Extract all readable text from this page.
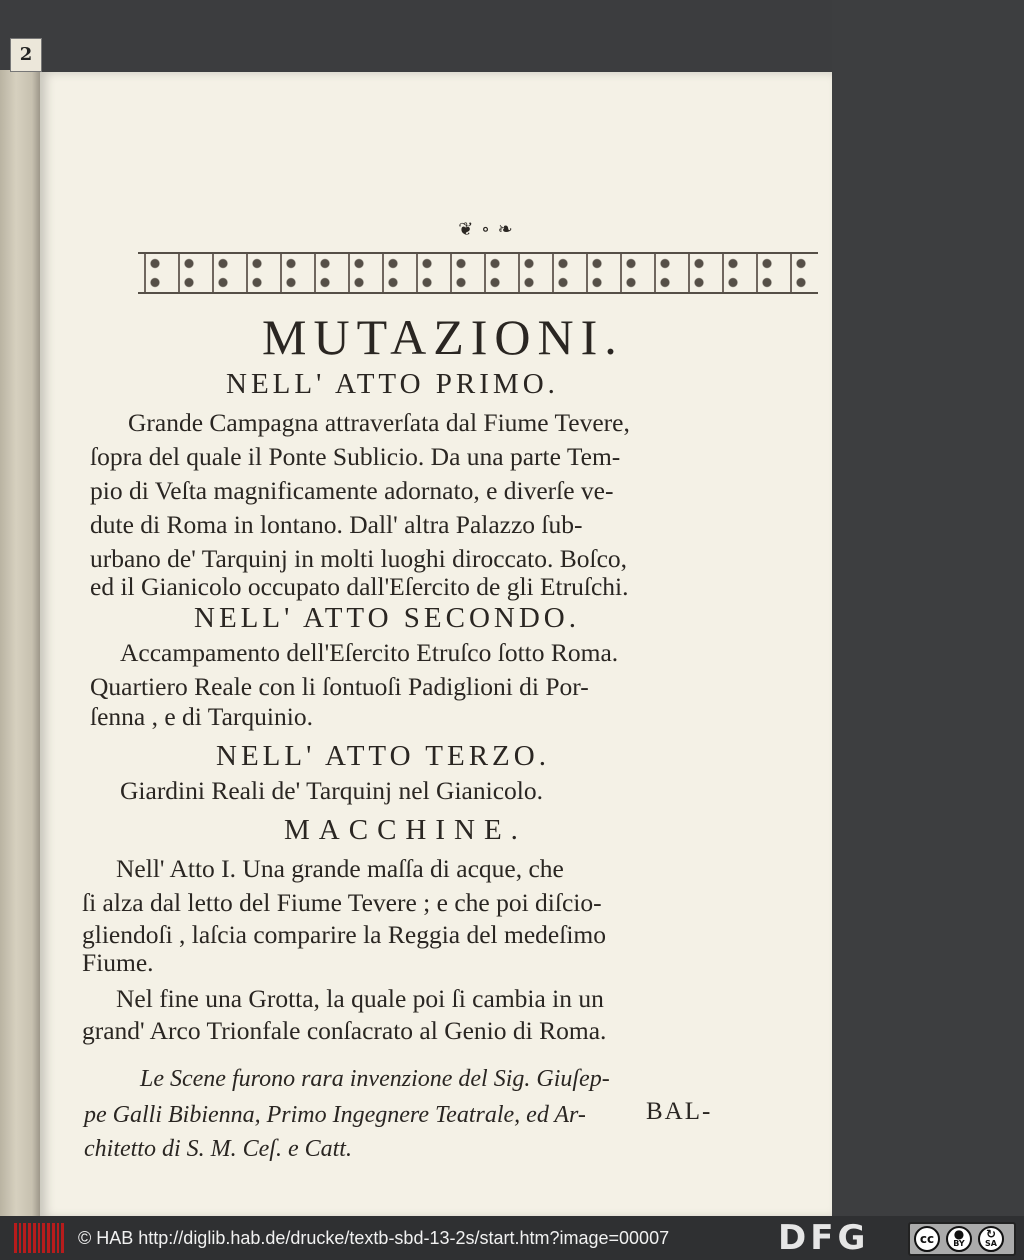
2
❦ ∘ ❧

MUTAZIONI.

NELL' ATTO PRIMO.

Grande Campagna attraverſata dal Fiume Tevere,

ſopra del quale il Ponte Sublicio. Da una parte Tem-

pio di Veſta magnificamente adornato, e diverſe ve-

dute di Roma in lontano. Dall' altra Palazzo ſub-

urbano de' Tarquinj in molti luoghi diroccato. Boſco,

ed il Gianicolo occupato dall'Eſercito de gli Etruſchi.

NELL' ATTO SECONDO.

Accampamento dell'Eſercito Etruſco ſotto Roma.

Quartiero Reale con li ſontuoſi Padiglioni di Por-

ſenna , e di Tarquinio.

NELL' ATTO TERZO.

Giardini Reali de' Tarquinj nel Gianicolo.

MACCHINE.

Nell' Atto I. Una grande maſſa di acque, che

ſi alza dal letto del Fiume Tevere ; e che poi diſcio-

gliendoſi , laſcia comparire la Reggia del medeſimo

Fiume.

Nel fine una Grotta, la quale poi ſi cambia in un

grand' Arco Trionfale conſacrato al Genio di Roma.

Le Scene furono rara invenzione del Sig. Giuſep-

pe Galli Bibienna, Primo Ingegnere Teatrale, ed Ar-

chitetto di S. M. Ceſ. e Catt.

BAL-

© HAB http://diglib.hab.de/drucke/textb-sbd-13-2s/start.htm?image=00007	DFG	cc	●
BY
↻
SA
